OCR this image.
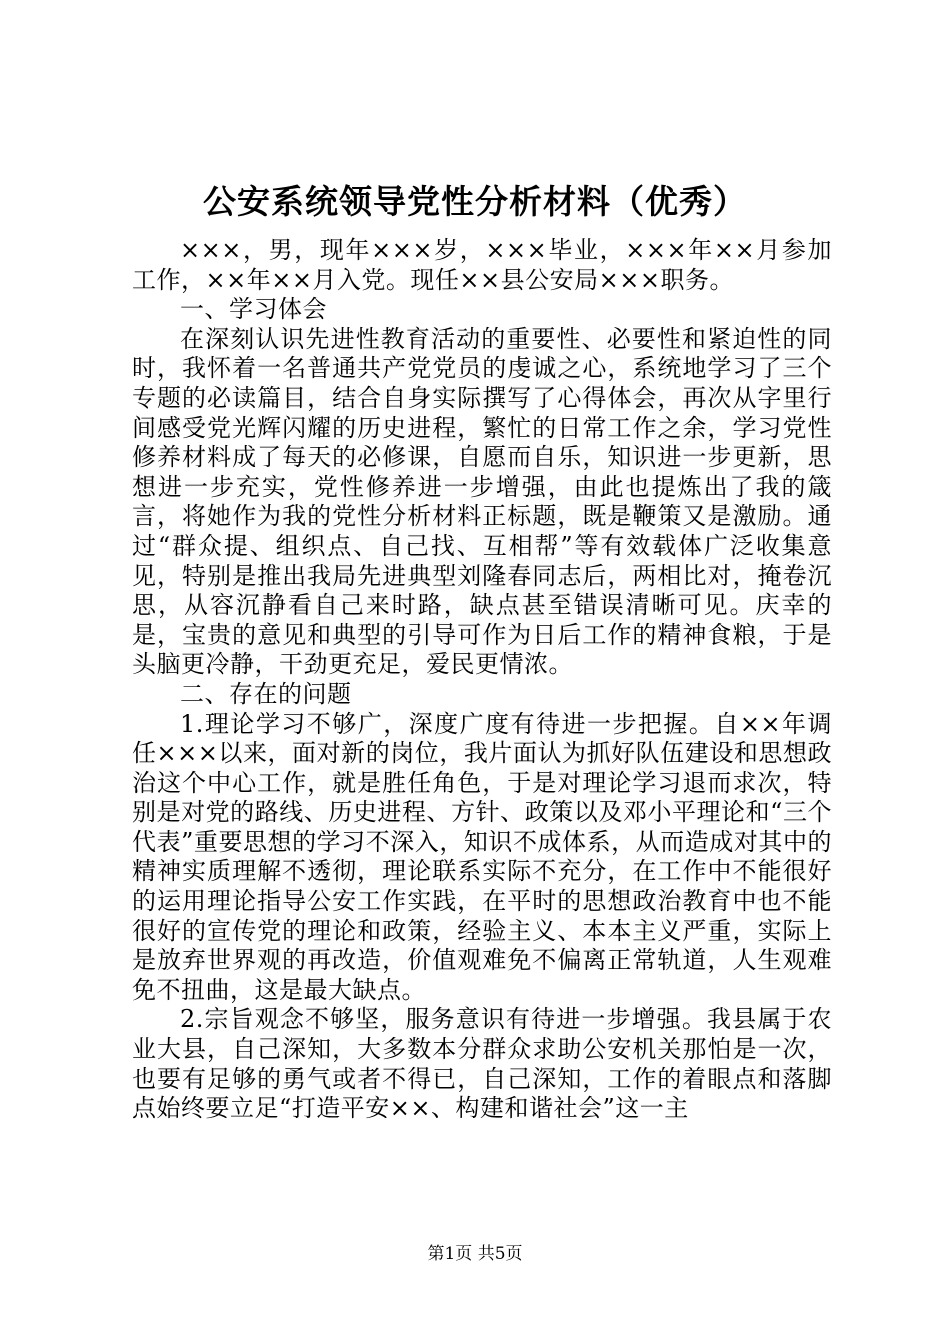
公安系统领导党性分析材料（优秀）

×××，男，现年×××岁，×××毕业，×××年××月参加工作，××年××月入党。现任××县公安局×××职务。

一、学习体会

在深刻认识先进性教育活动的重要性、必要性和紧迫性的同时，我怀着一名普通共产党党员的虔诚之心，系统地学习了三个专题的必读篇目，结合自身实际撰写了心得体会，再次从字里行间感受党光辉闪耀的历史进程，繁忙的日常工作之余，学习党性修养材料成了每天的必修课，自愿而自乐，知识进一步更新，思想进一步充实，党性修养进一步增强，由此也提炼出了我的箴言，将她作为我的党性分析材料正标题，既是鞭策又是激励。通过“群众提、组织点、自己找、互相帮”等有效载体广泛收集意见，特别是推出我局先进典型刘隆春同志后，两相比对，掩卷沉思，从容沉静看自己来时路，缺点甚至错误清晰可见。庆幸的是，宝贵的意见和典型的引导可作为日后工作的精神食粮，于是头脑更冷静，干劲更充足，爱民更情浓。

二、存在的问题

1.理论学习不够广，深度广度有待进一步把握。自××年调任×××以来，面对新的岗位，我片面认为抓好队伍建设和思想政治这个中心工作，就是胜任角色，于是对理论学习退而求次，特别是对党的路线、历史进程、方针、政策以及邓小平理论和“三个代表”重要思想的学习不深入，知识不成体系，从而造成对其中的精神实质理解不透彻，理论联系实际不充分，在工作中不能很好的运用理论指导公安工作实践，在平时的思想政治教育中也不能很好的宣传党的理论和政策，经验主义、本本主义严重，实际上是放弃世界观的再改造，价值观难免不偏离正常轨道，人生观难免不扭曲，这是最大缺点。

2.宗旨观念不够坚，服务意识有待进一步增强。我县属于农业大县，自己深知，大多数本分群众求助公安机关那怕是一次，也要有足够的勇气或者不得已，自己深知，工作的着眼点和落脚点始终要立足“打造平安××、构建和谐社会”这一主

第1页 共5页
